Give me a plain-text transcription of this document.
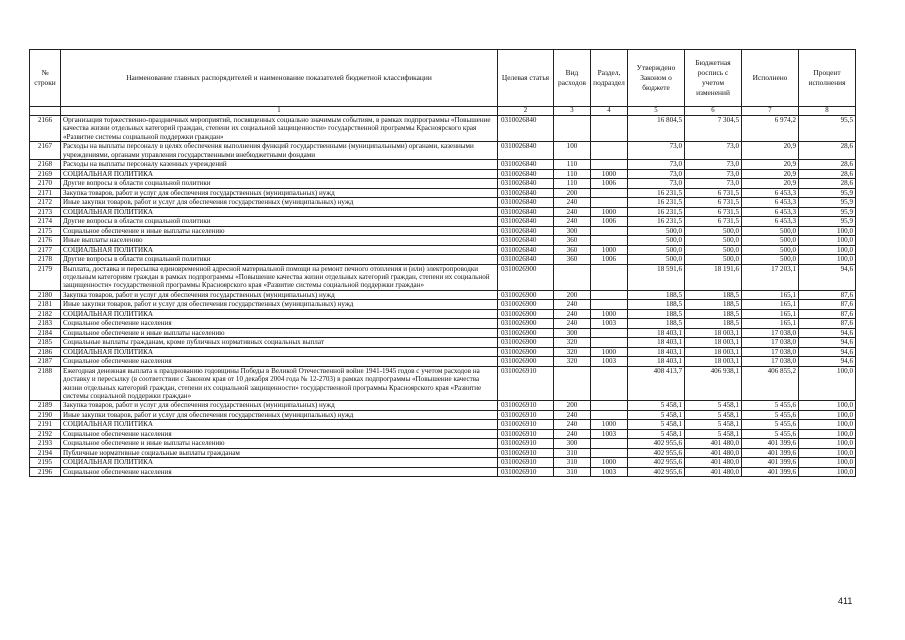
№ строки	Наименование главных распорядителей и наименование показателей бюджетной классификации	Целевая статья	Вид расходов	Раздел, подраздел	Утверждено Законом о бюджете	Бюджетная роспись с учетом изменений	Исполнено	Процент исполнения
	1	2	3	4	5	6	7	8
2166	Организация торжественно-праздничных мероприятий, посвященных социально значимым событиям, в рамках подпрограммы «Повышение качества жизни отдельных категорий граждан, степени их социальной защищенности» государственной программы Красноярского края «Развитие системы социальной поддержки граждан»	0310026840			16 804,5	7 304,5	6 974,2	95,5
2167	Расходы на выплаты персоналу в целях обеспечения выполнения функций государственными (муниципальными) органами, казенными учреждениями, органами управления государственными внебюджетными фондами	0310026840	100		73,0	73,0	20,9	28,6
2168	Расходы на выплаты персоналу казенных учреждений	0310026840	110		73,0	73,0	20,9	28,6
2169	СОЦИАЛЬНАЯ ПОЛИТИКА	0310026840	110	1000	73,0	73,0	20,9	28,6
2170	Другие вопросы в области социальной политики	0310026840	110	1006	73,0	73,0	20,9	28,6
2171	Закупка товаров, работ и услуг для обеспечения государственных (муниципальных) нужд	0310026840	200		16 231,5	6 731,5	6 453,3	95,9
2172	Иные закупки товаров, работ и услуг для обеспечения государственных (муниципальных) нужд	0310026840	240		16 231,5	6 731,5	6 453,3	95,9
2173	СОЦИАЛЬНАЯ ПОЛИТИКА	0310026840	240	1000	16 231,5	6 731,5	6 453,3	95,9
2174	Другие вопросы в области социальной политики	0310026840	240	1006	16 231,5	6 731,5	6 453,3	95,9
2175	Социальное обеспечение и иные выплаты населению	0310026840	300		500,0	500,0	500,0	100,0
2176	Иные выплаты населению	0310026840	360		500,0	500,0	500,0	100,0
2177	СОЦИАЛЬНАЯ ПОЛИТИКА	0310026840	360	1000	500,0	500,0	500,0	100,0
2178	Другие вопросы в области социальной политики	0310026840	360	1006	500,0	500,0	500,0	100,0
2179	Выплата, доставка и пересылка единовременной адресной материальной помощи на ремонт печного отопления и (или) электропроводки отдельным категориям граждан в рамках подпрограммы «Повышение качества жизни отдельных категорий граждан, степени их социальной защищенности» государственной программы Красноярского края «Развитие системы социальной поддержки граждан»	0310026900			18 591,6	18 191,6	17 203,1	94,6
2180	Закупка товаров, работ и услуг для обеспечения государственных (муниципальных) нужд	0310026900	200		188,5	188,5	165,1	87,6
2181	Иные закупки товаров, работ и услуг для обеспечения государственных (муниципальных) нужд	0310026900	240		188,5	188,5	165,1	87,6
2182	СОЦИАЛЬНАЯ ПОЛИТИКА	0310026900	240	1000	188,5	188,5	165,1	87,6
2183	Социальное обеспечение населения	0310026900	240	1003	188,5	188,5	165,1	87,6
2184	Социальное обеспечение и иные выплаты населению	0310026900	300		18 403,1	18 003,1	17 038,0	94,6
2185	Социальные выплаты гражданам, кроме публичных нормативных социальных выплат	0310026900	320		18 403,1	18 003,1	17 038,0	94,6
2186	СОЦИАЛЬНАЯ ПОЛИТИКА	0310026900	320	1000	18 403,1	18 003,1	17 038,0	94,6
2187	Социальное обеспечение населения	0310026900	320	1003	18 403,1	18 003,1	17 038,0	94,6
2188	Ежегодная денежная выплата к празднованию годовщины Победы в Великой Отечественной войне 1941-1945 годов с учетом расходов на доставку и пересылку (в соответствии с Законом края от 10 декабря 2004 года № 12-2703) в рамках подпрограммы «Повышение качества жизни отдельных категорий граждан, степени их социальной защищенности» государственной программы Красноярского края «Развитие системы социальной поддержки граждан»	0310026910			408 413,7	406 938,1	406 855,2	100,0
2189	Закупка товаров, работ и услуг для обеспечения государственных (муниципальных) нужд	0310026910	200		5 458,1	5 458,1	5 455,6	100,0
2190	Иные закупки товаров, работ и услуг для обеспечения государственных (муниципальных) нужд	0310026910	240		5 458,1	5 458,1	5 455,6	100,0
2191	СОЦИАЛЬНАЯ ПОЛИТИКА	0310026910	240	1000	5 458,1	5 458,1	5 455,6	100,0
2192	Социальное обеспечение населения	0310026910	240	1003	5 458,1	5 458,1	5 455,6	100,0
2193	Социальное обеспечение и иные выплаты населению	0310026910	300		402 955,6	401 480,0	401 399,6	100,0
2194	Публичные нормативные социальные выплаты гражданам	0310026910	310		402 955,6	401 480,0	401 399,6	100,0
2195	СОЦИАЛЬНАЯ ПОЛИТИКА	0310026910	310	1000	402 955,6	401 480,0	401 399,6	100,0
2196	Социальное обеспечение населения	0310026910	310	1003	402 955,6	401 480,0	401 399,6	100,0
411
